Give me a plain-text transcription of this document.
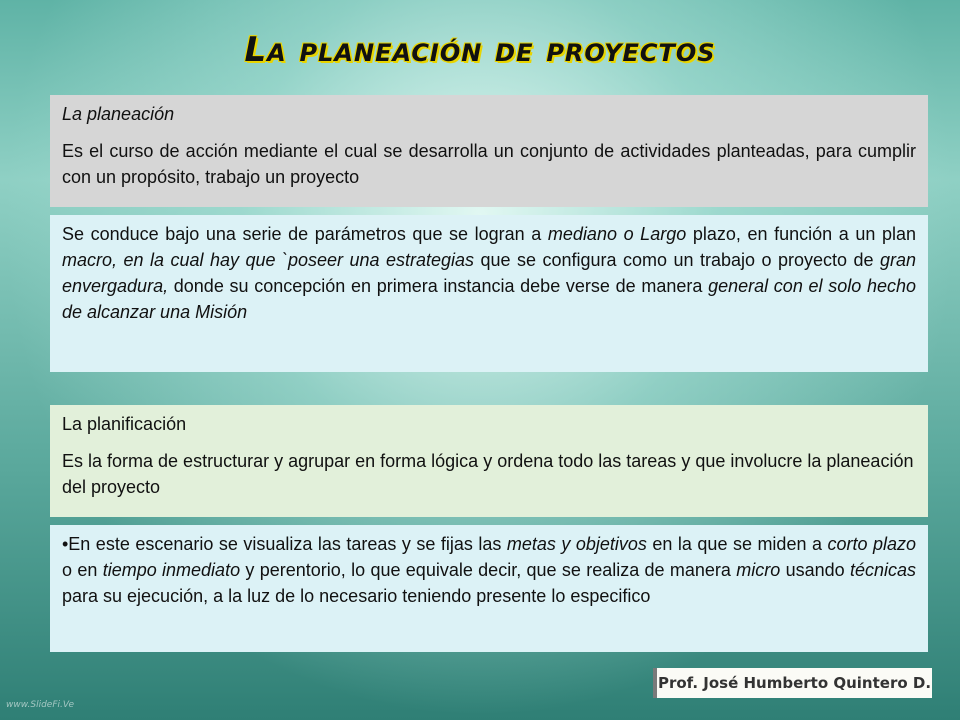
La planeación de proyectos

La planeación

Es el curso de acción mediante el cual se desarrolla un conjunto de actividades planteadas, para cumplir con un propósito, trabajo un proyecto

Se conduce bajo una serie de parámetros que se logran a mediano o Largo plazo, en función a un plan macro, en la cual hay que `poseer una estrategias que se configura como un trabajo o proyecto de gran envergadura, donde su concepción en primera instancia debe verse de manera general con el solo hecho de alcanzar una Misión

La planificación

Es la forma de estructurar y agrupar en forma lógica y ordena todo las tareas y que involucre la planeación del proyecto

•En este escenario se visualiza las tareas y se fijas las metas y objetivos en la que se miden a corto plazo o en tiempo inmediato y perentorio, lo que equivale decir, que se realiza de manera micro usando técnicas para su ejecución, a la luz de lo necesario teniendo presente lo especifico

Prof. José Humberto Quintero D.
www.SlideFi.Ve
